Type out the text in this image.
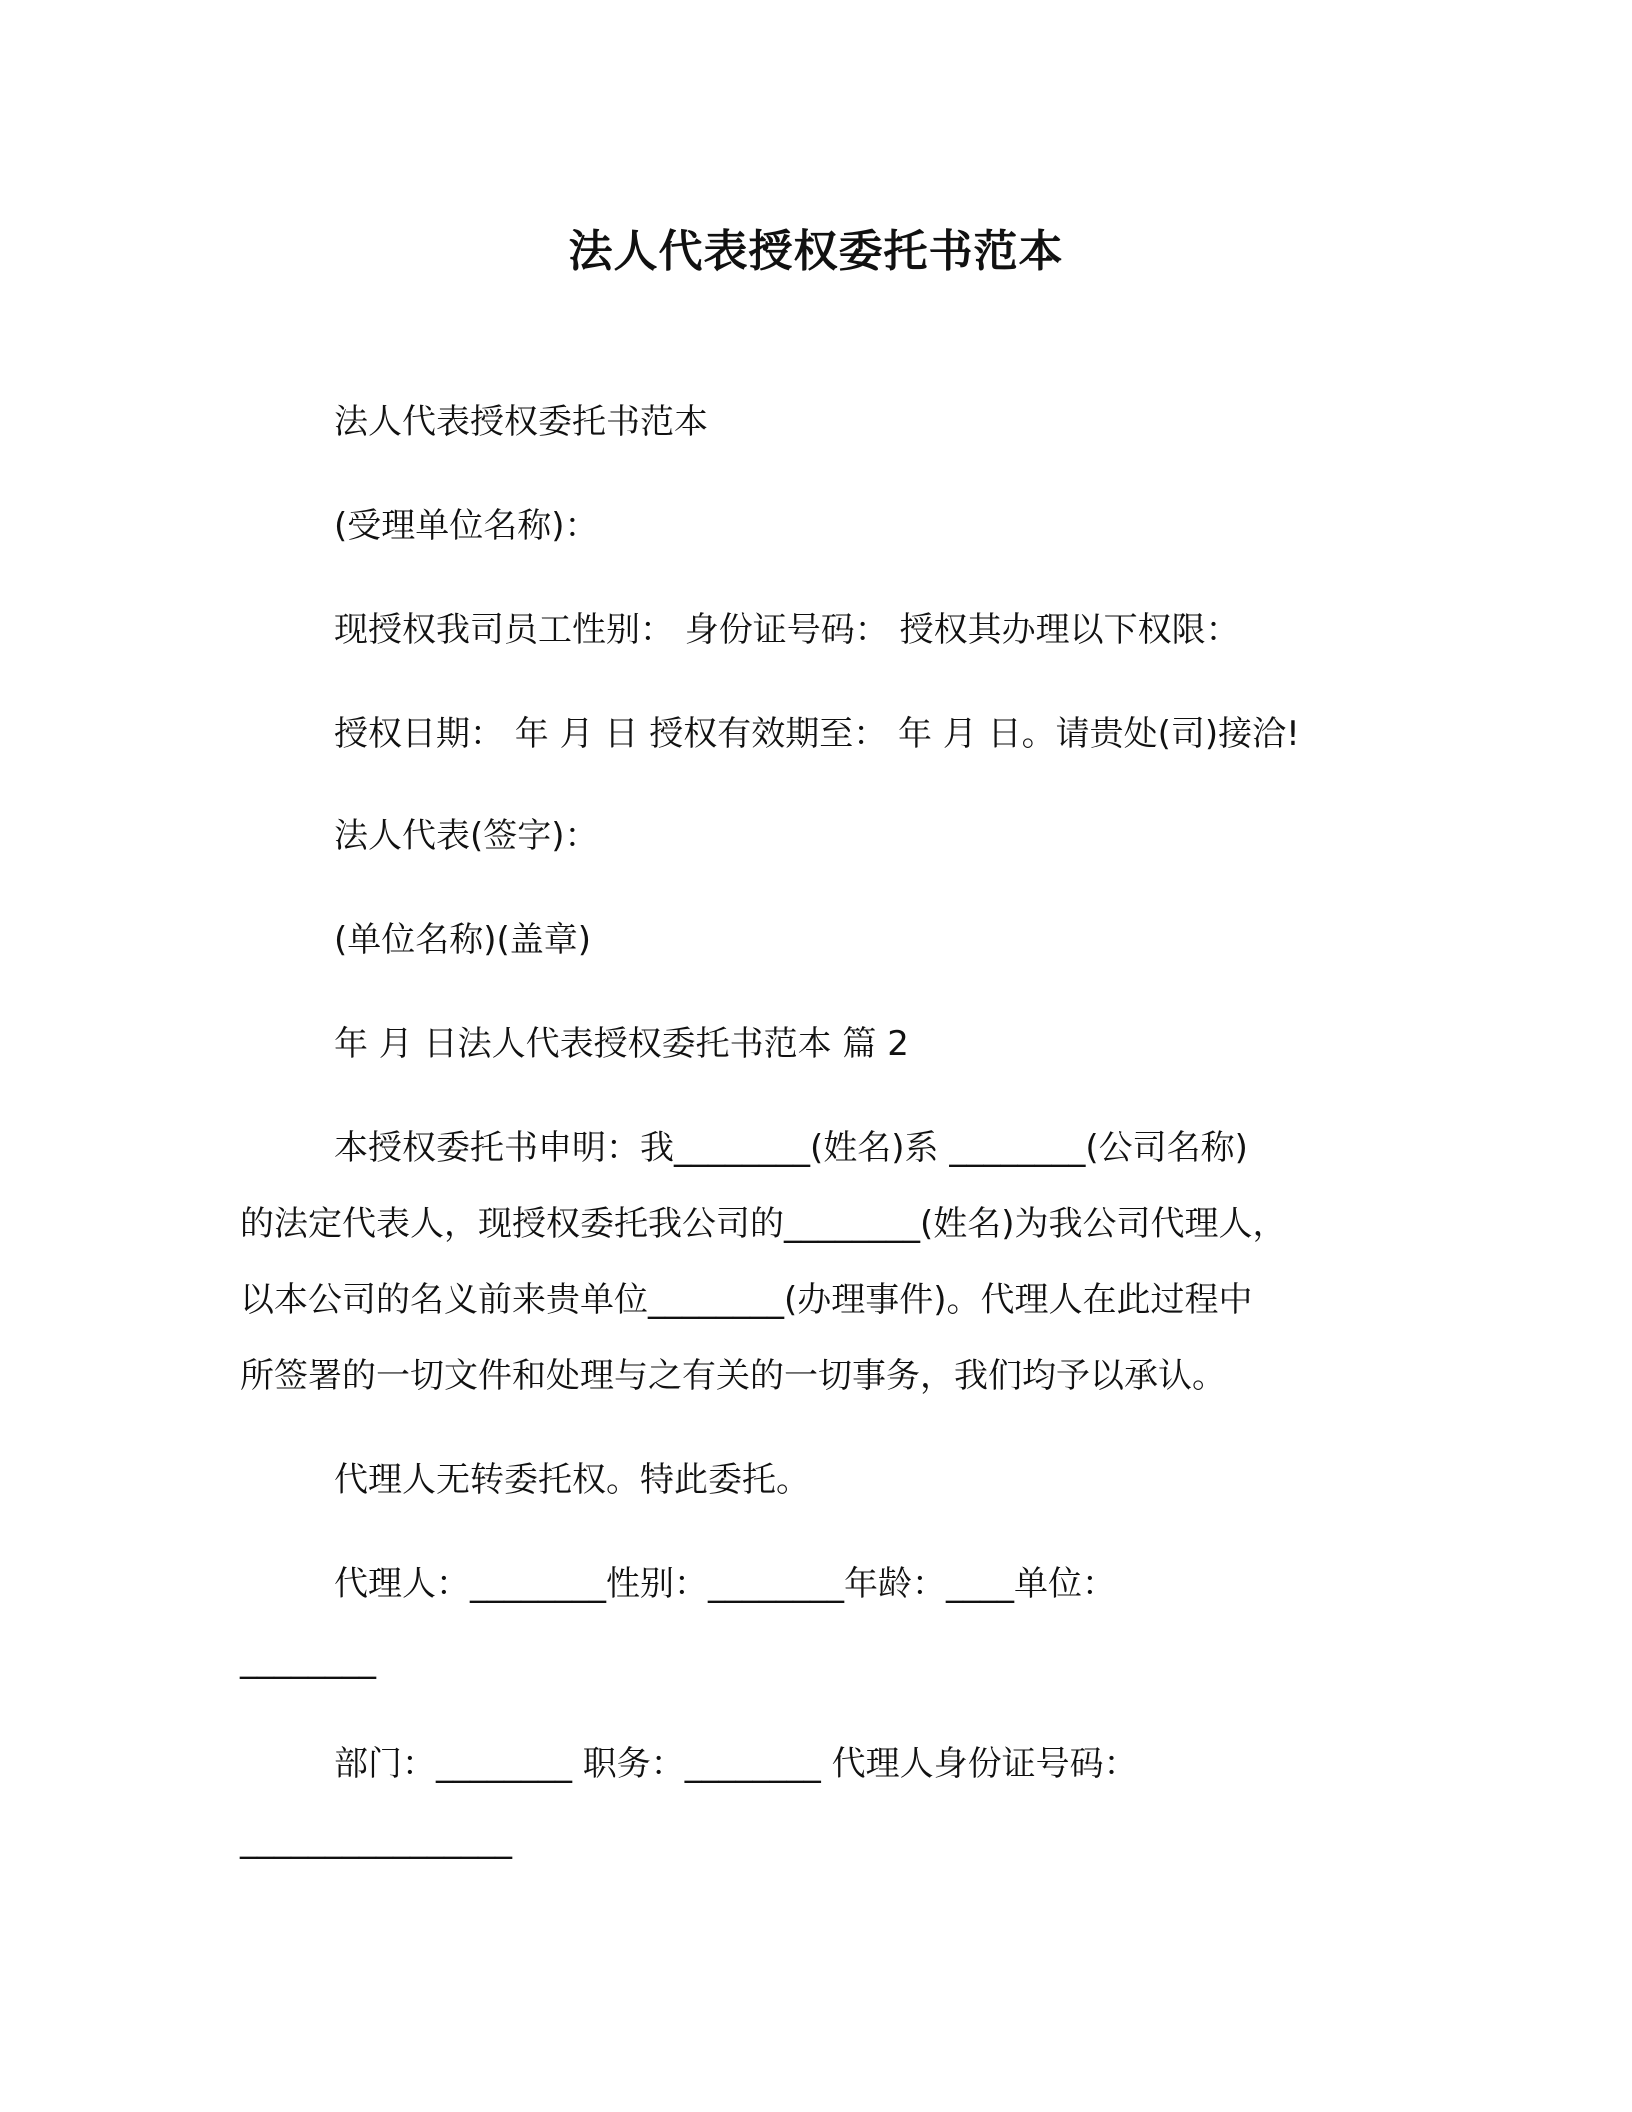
法人代表授权委托书范本
法人代表授权委托书范本
(受理单位名称)：
现授权我司员工性别： 身份证号码： 授权其办理以下权限：
授权日期： 年 月 日 授权有效期至： 年 月 日。请贵处(司)接洽!
法人代表(签字)：
(单位名称)(盖章)
年 月 日法人代表授权委托书范本 篇 2
本授权委托书申明：我________(姓名)系 ________(公司名称)
的法定代表人，现授权委托我公司的________(姓名)为我公司代理人，
以本公司的名义前来贵单位________(办理事件)。代理人在此过程中
所签署的一切文件和处理与之有关的一切事务，我们均予以承认。
代理人无转委托权。特此委托。
代理人：________性别：________年龄：____单位：
________
部门：________ 职务：________ 代理人身份证号码：
________________
